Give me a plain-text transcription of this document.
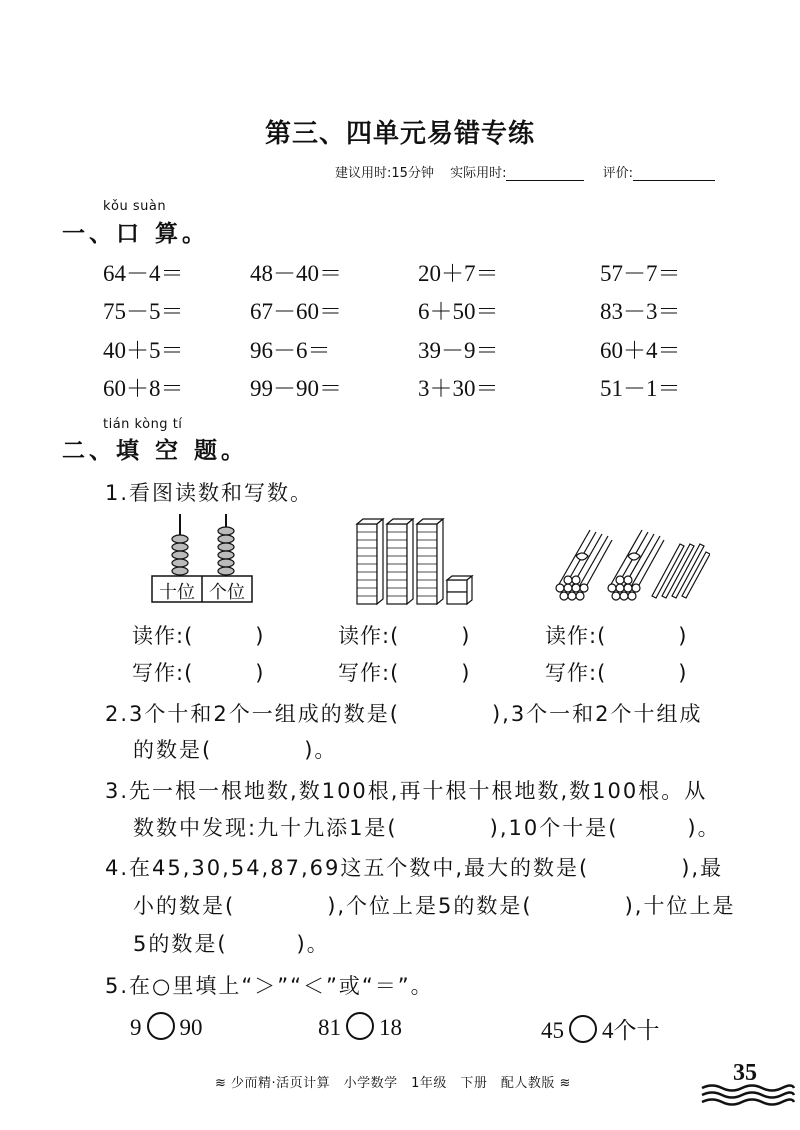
第三、四单元易错专练
建议用时:15分钟 实际用时:	评价:
kǒu suàn
一、口 算。
64－4＝	48－40＝	20＋7＝	57－7＝
75－5＝	67－60＝	6＋50＝	83－3＝
40＋5＝	96－6＝	39－9＝	60＋4＝
60＋8＝	99－90＝	3＋30＝	51－1＝
tián kòng tí
二、填 空 题。
1.看图读数和写数。
十位 个位
读作:(	)	读作:(	)	读作:(	)
写作:(	)	写作:(	)	写作:(	)
2.3个十和2个一组成的数是(　　　　),3个一和2个十组成
的数是(　　　　)。
3.先一根一根地数,数100根,再十根十根地数,数100根。从
数数中发现:九十九添1是(　　　　),10个十是(　　　)。
4.在45,30,54,87,69这五个数中,最大的数是(　　　　),最
小的数是(　　　　),个位上是5的数是(　　　　),十位上是
5的数是(　　　)。
5.在○里填上“＞”“＜”或“＝”。
9 90	81 18	45 4个十
≋ 少而精·活页计算　小学数学　1年级　下册　配人教版 ≋	35
